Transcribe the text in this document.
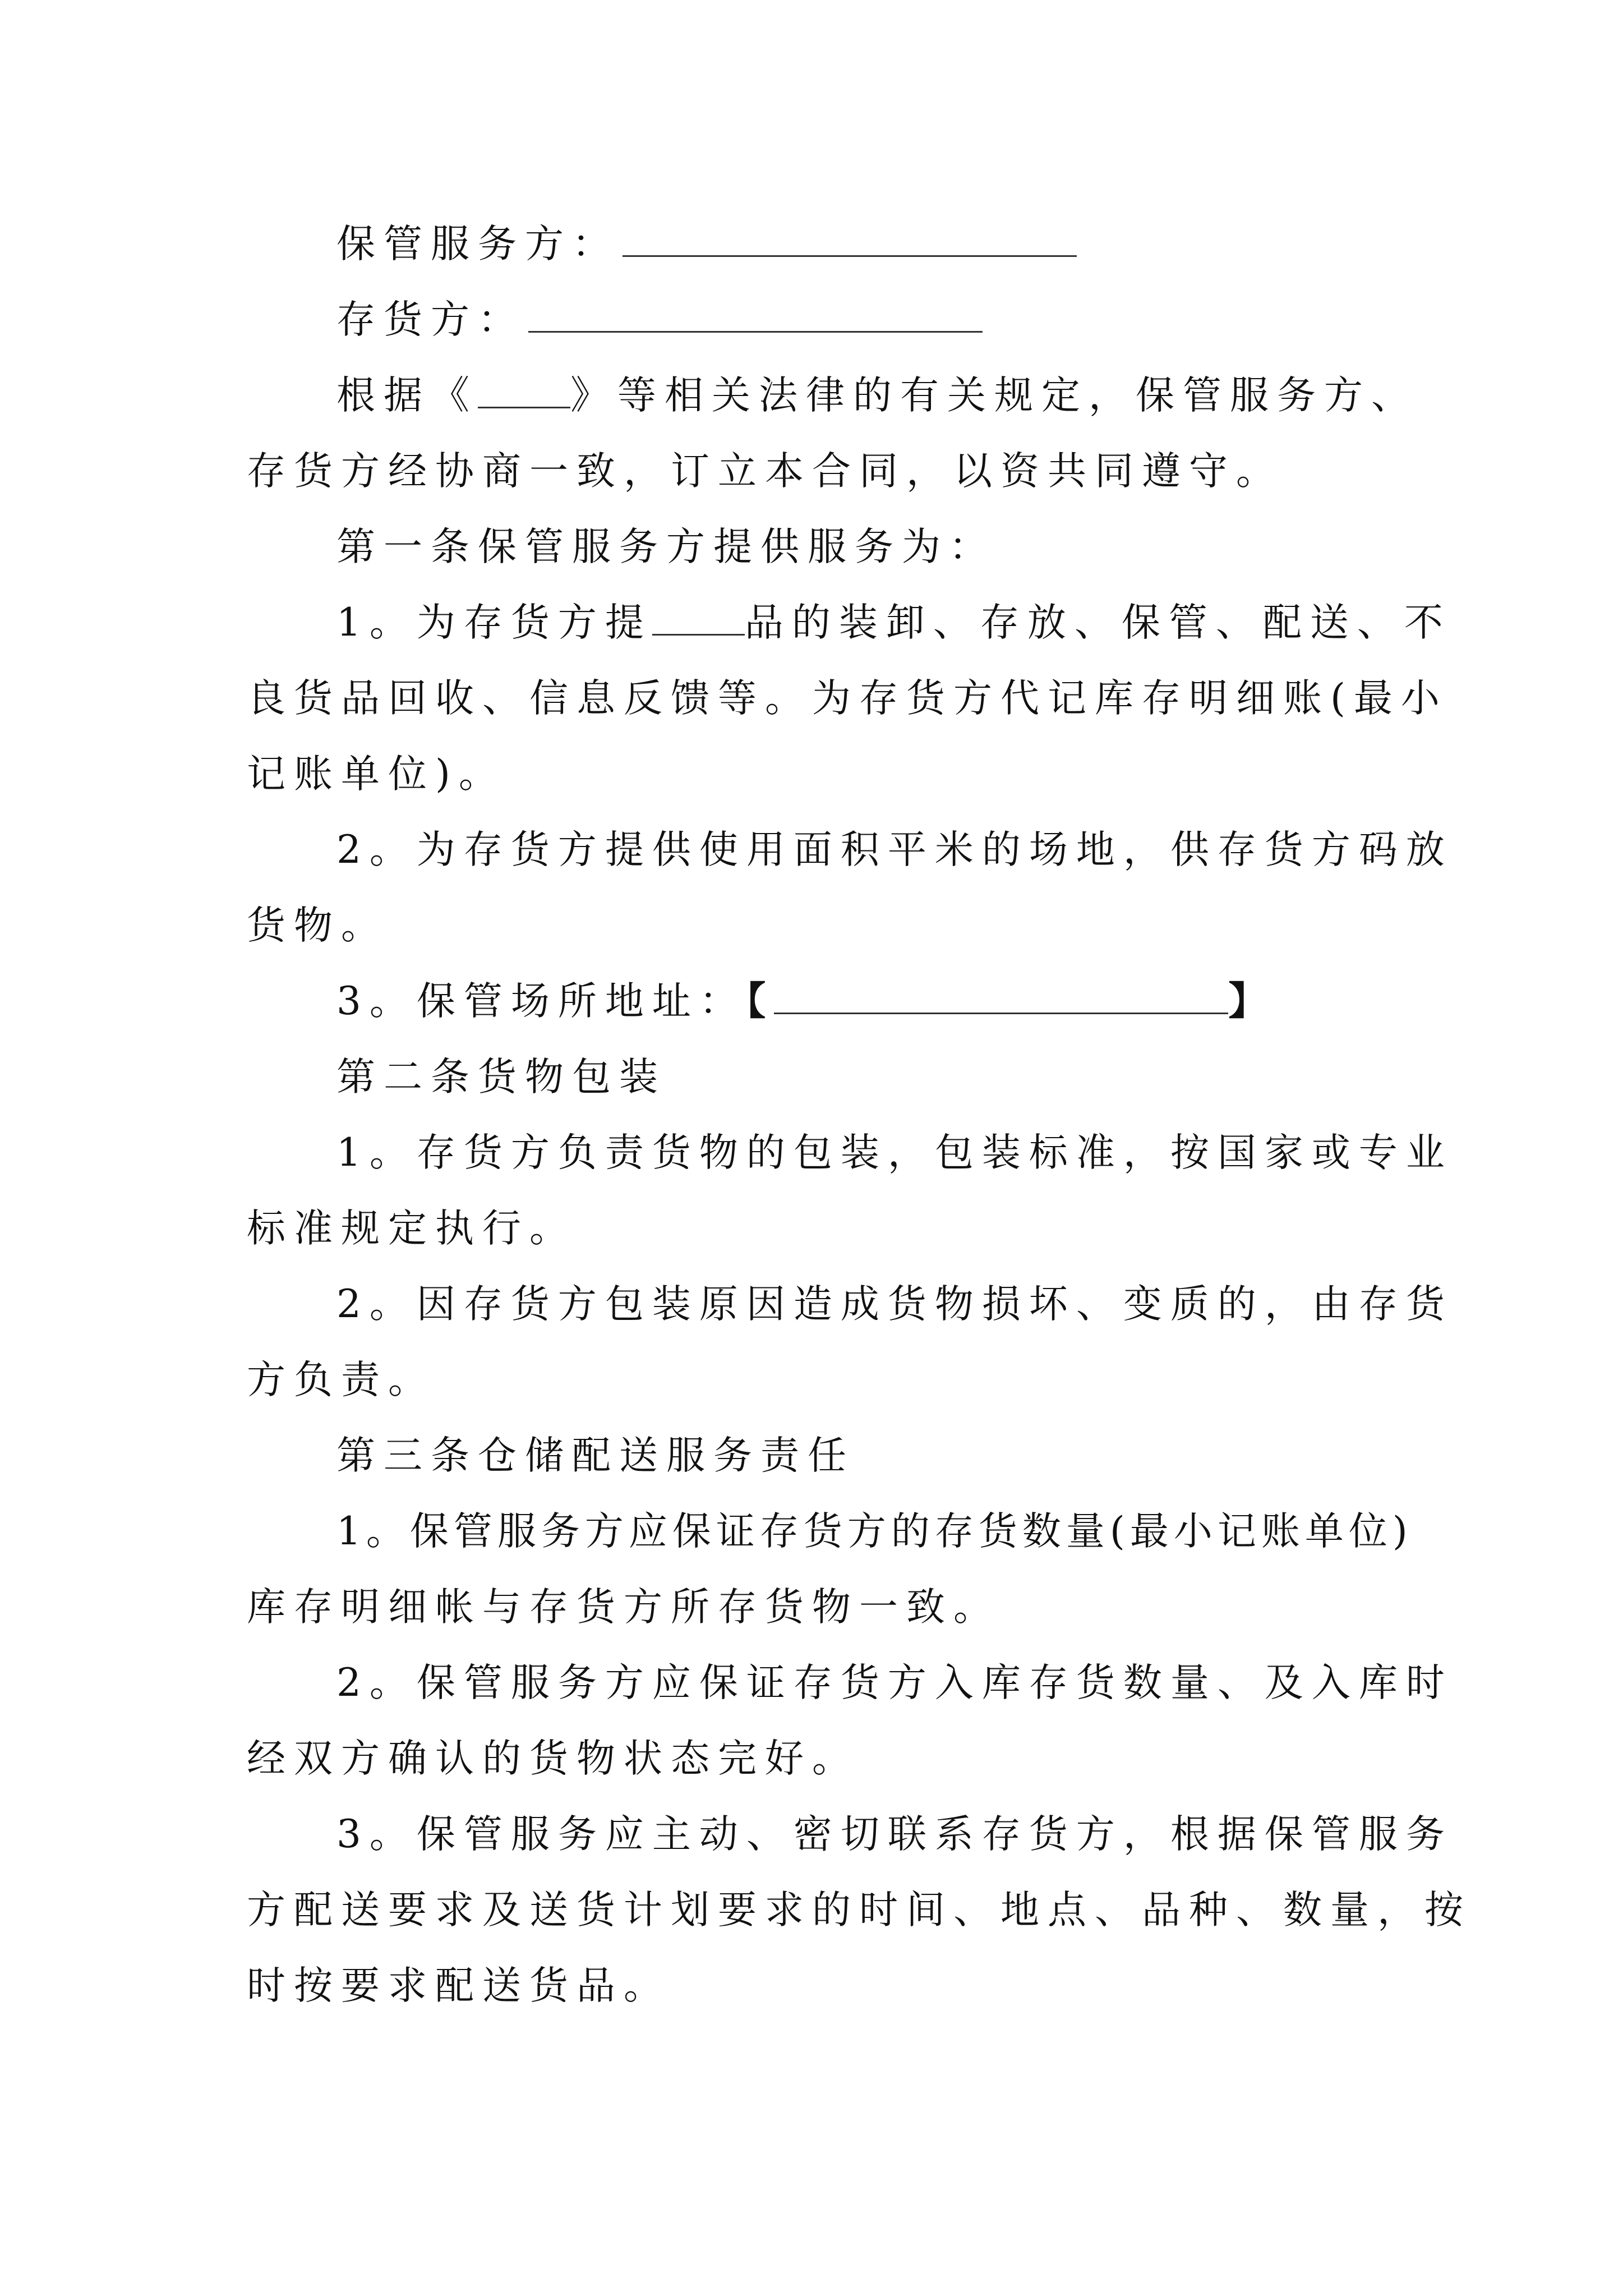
保管服务方：
存货方：
根据《 》等相关法律的有关规定，保管服务方、
存货方经协商一致，订立本合同，以资共同遵守。
第一条保管服务方提供服务为：
1。为存货方提 品的装卸、存放、保管、配送、不
良货品回收、信息反馈等。为存货方代记库存明细账(最小
记账单位)。
2。为存货方提供使用面积平米的场地，供存货方码放
货物。
3。保管场所地址：【	】
第二条货物包装
1。存货方负责货物的包装，包装标准，按国家或专业
标准规定执行。
2。因存货方包装原因造成货物损坏、变质的，由存货
方负责。
第三条仓储配送服务责任
1。保管服务方应保证存货方的存货数量(最小记账单位)
库存明细帐与存货方所存货物一致。
2。保管服务方应保证存货方入库存货数量、及入库时
经双方确认的货物状态完好。
3。保管服务应主动、密切联系存货方，根据保管服务
方配送要求及送货计划要求的时间、地点、品种、数量，按
时按要求配送货品。
